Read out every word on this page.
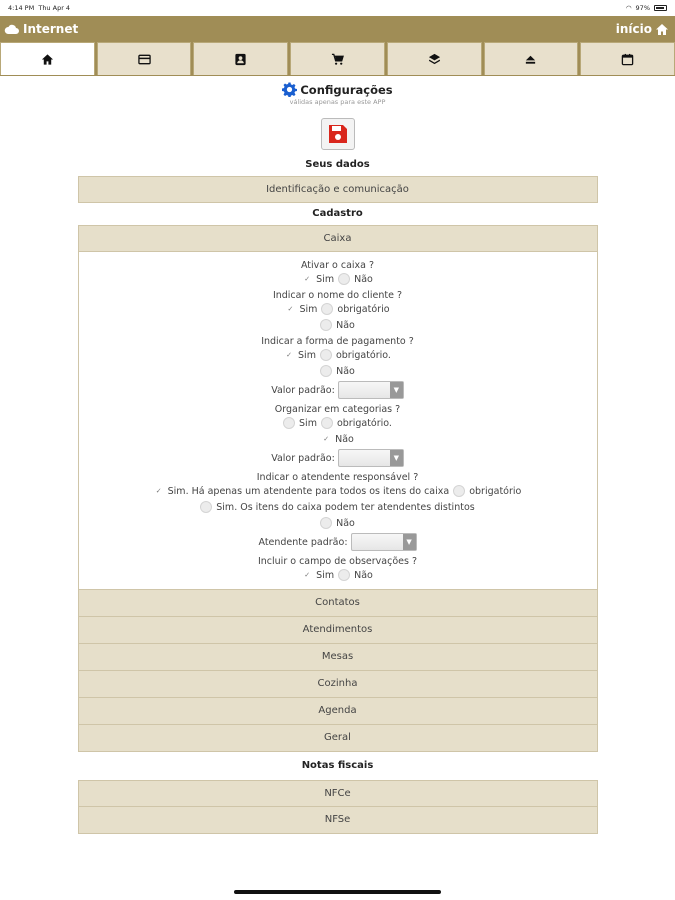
4:14 PM Thu Apr 4	◠ 97%
Internet	início
Configurações
válidas apenas para este APP
Seus dados
Identificação e comunicação
Cadastro
Caixa
Ativar o caixa ?
✓ Sim Não
Indicar o nome do cliente ?
✓ Sim obrigatório
Não
Indicar a forma de pagamento ?
✓ Sim obrigatório.
Não
Valor padrão:	▼
Organizar em categorias ?
Sim obrigatório.
✓ Não
Valor padrão:	▼
Indicar o atendente responsável ?
✓ Sim. Há apenas um atendente para todos os itens do caixa obrigatório
Sim. Os itens do caixa podem ter atendentes distintos
Não
Atendente padrão:	▼
Incluir o campo de observações ?
✓ Sim Não
Contatos
Atendimentos
Mesas
Cozinha
Agenda
Geral
Notas fiscais
NFCe
NFSe
